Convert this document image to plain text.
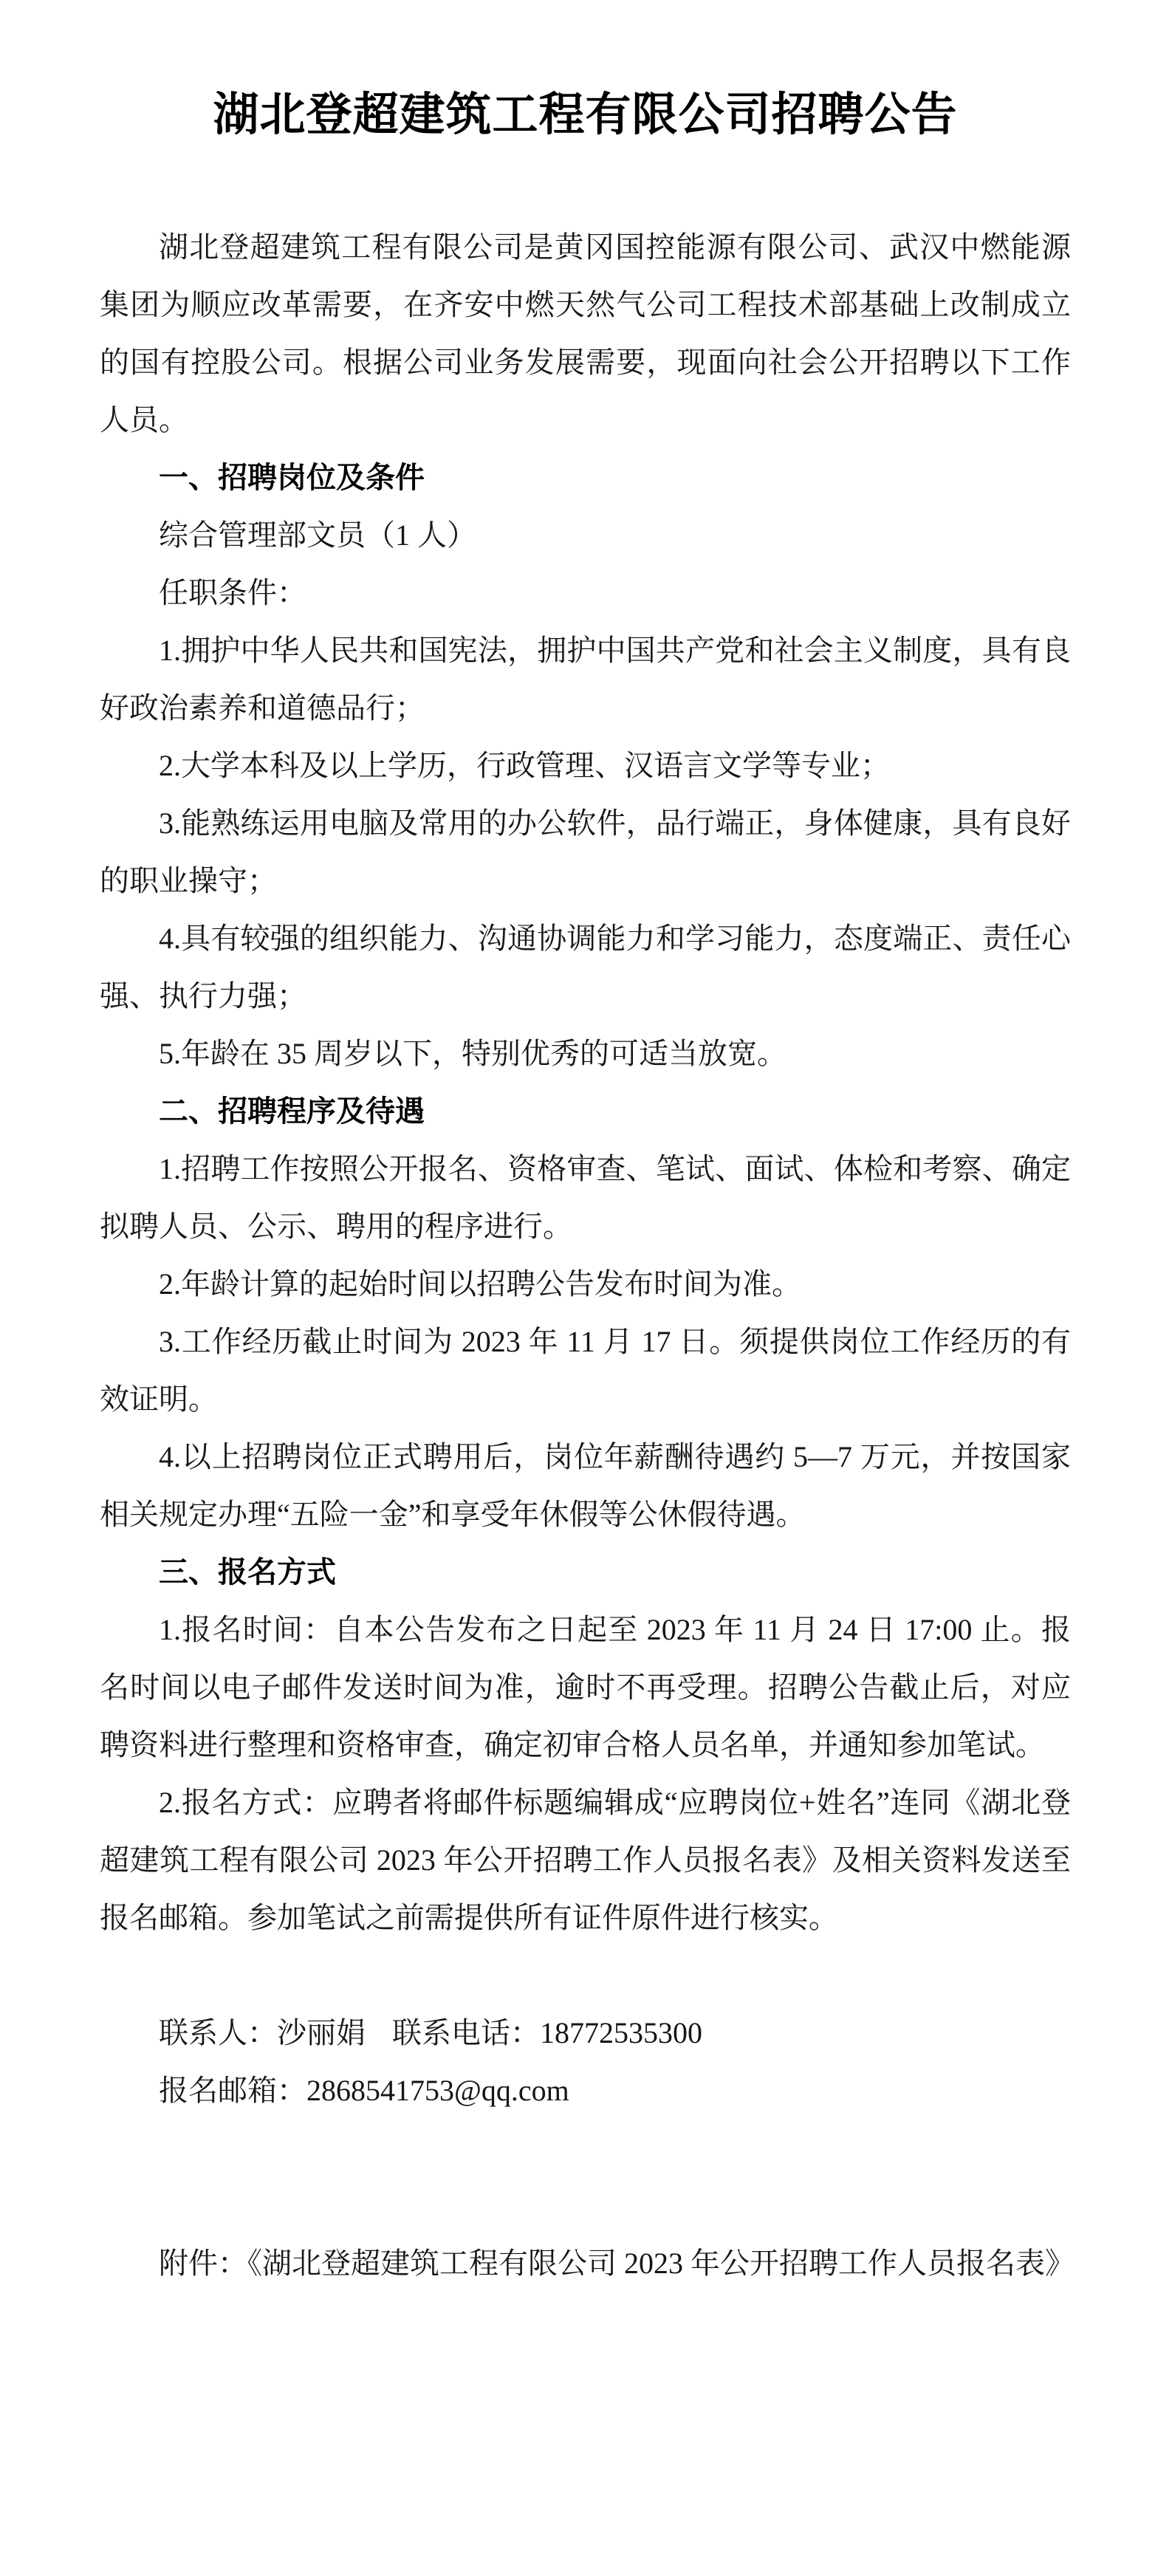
湖北登超建筑工程有限公司招聘公告

湖北登超建筑工程有限公司是黄冈国控能源有限公司、武汉中燃能源集团为顺应改革需要，在齐安中燃天然气公司工程技术部基础上改制成立的国有控股公司。根据公司业务发展需要，现面向社会公开招聘以下工作人员。

一、招聘岗位及条件

综合管理部文员（1 人）

任职条件：

1.拥护中华人民共和国宪法，拥护中国共产党和社会主义制度，具有良好政治素养和道德品行；

2.大学本科及以上学历，行政管理、汉语言文学等专业；

3.能熟练运用电脑及常用的办公软件，品行端正，身体健康，具有良好的职业操守；

4.具有较强的组织能力、沟通协调能力和学习能力，态度端正、责任心强、执行力强；

5.年龄在 35 周岁以下，特别优秀的可适当放宽。

二、招聘程序及待遇

1.招聘工作按照公开报名、资格审查、笔试、面试、体检和考察、确定拟聘人员、公示、聘用的程序进行。

2.年龄计算的起始时间以招聘公告发布时间为准。

3.工作经历截止时间为 2023 年 11 月 17 日。须提供岗位工作经历的有效证明。

4.以上招聘岗位正式聘用后，岗位年薪酬待遇约 5—7 万元，并按国家相关规定办理“五险一金”和享受年休假等公休假待遇。

三、报名方式

1.报名时间：自本公告发布之日起至 2023 年 11 月 24 日 17:00 止。报名时间以电子邮件发送时间为准，逾时不再受理。招聘公告截止后，对应聘资料进行整理和资格审查，确定初审合格人员名单，并通知参加笔试。

2.报名方式：应聘者将邮件标题编辑成“应聘岗位+姓名”连同《湖北登超建筑工程有限公司 2023 年公开招聘工作人员报名表》及相关资料发送至报名邮箱。参加笔试之前需提供所有证件原件进行核实。

联系人：沙丽娟 联系电话：18772535300

报名邮箱：2868541753@qq.com

附件：《湖北登超建筑工程有限公司 2023 年公开招聘工作人员报名表》
